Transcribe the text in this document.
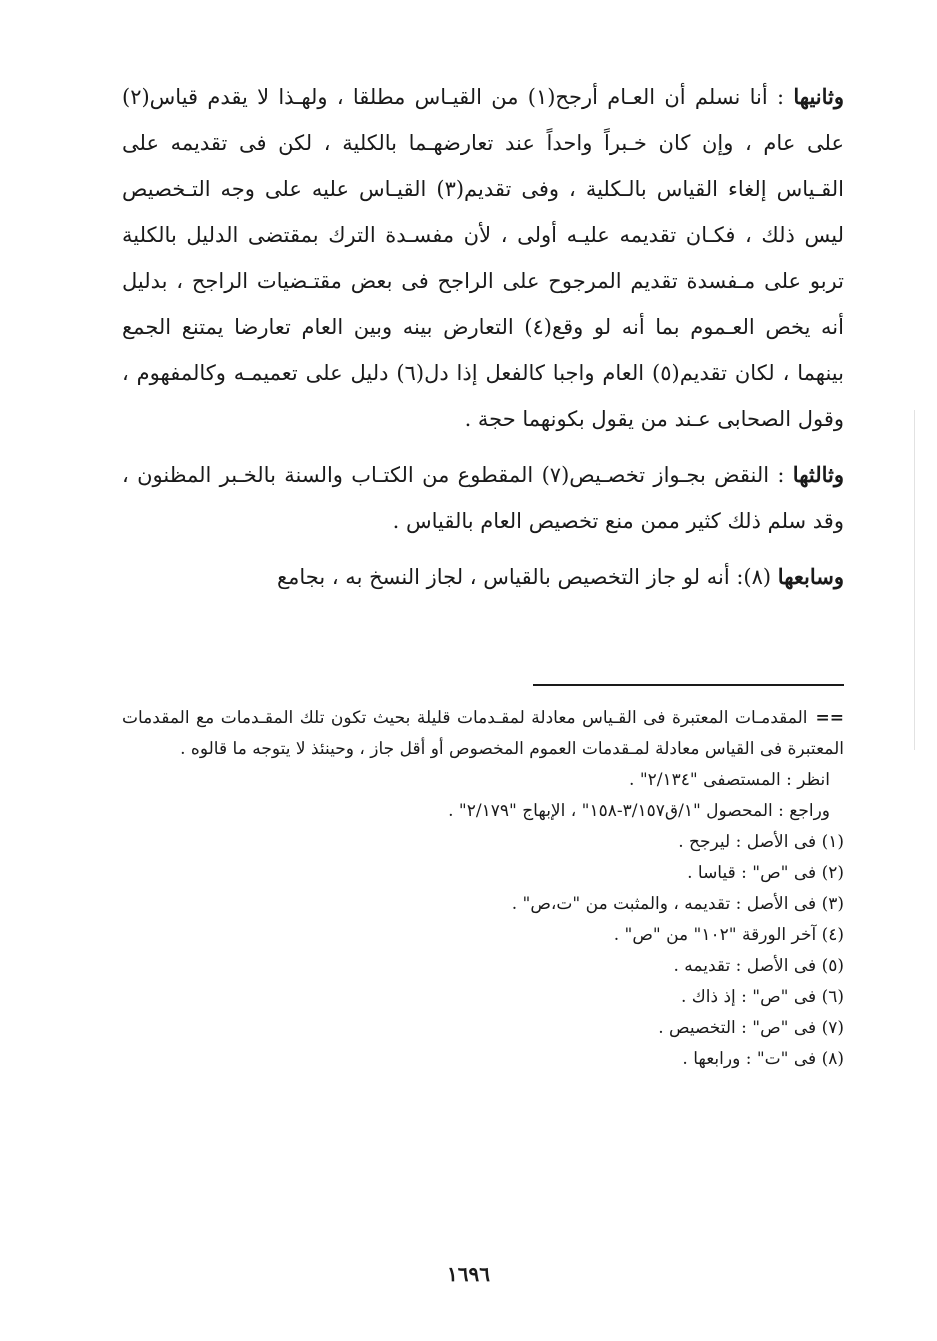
وثانيها : أنا نسلم أن العـام أرجح(١) من القيـاس مطلقا ، ولهـذا لا يقدم قياس(٢) على عام ، وإن كان خـبراً واحداً عند تعارضهـما بالكلية ، لكن فى تقديمه على القـياس إلغاء القياس بالـكلية ، وفى تقديم(٣) القيـاس عليه على وجه التـخصيص ليس ذلك ، فكـان تقديمه عليـه أولى ، لأن مفسـدة الترك بمقتضى الدليل بالكلية تربو على مـفسدة تقديم المرجوح على الراجح فى بعض مقتـضيات الراجح ، بدليل أنه يخص العـموم بما أنه لو وقع(٤) التعارض بينه وبين العام تعارضا يمتنع الجمع بينهما ، لكان تقديم(٥) العام واجبا كالفعل إذا دل(٦) دليل على تعميمـه وكالمفهوم ، وقول الصحابى عـند من يقول بكونهما حجة .

وثالثها : النقض بجـواز تخصـيص(٧) المقطوع من الكتـاب والسنة بالخـبر المظنون ، وقد سلم ذلك كثير ممن منع تخصيص العام بالقياس .

وسابعها (٨): أنه لو جاز التخصيص بالقياس ، لجاز النسخ به ، بجامع

==المقدمـات المعتبرة فى القـياس معادلة لمقـدمات قليلة بحيث تكون تلك المقـدمات مع المقدمات المعتبرة فى القياس معادلة لمـقدمات العموم المخصوص أو أقل جاز ، وحينئذ لا يتوجه ما قالوه .
انظر : المستصفى "٢/١٣٤" .
وراجع : المحصول "١/ق٣/١٥٧-١٥٨" ، الإبهاج "٢/١٧٩" .
(١) فى الأصل : ليرجح .
(٢) فى "ص" : قياسا .
(٣) فى الأصل : تقديمه ، والمثبت من "ت،ص" .
(٤) آخر الورقة "١٠٢" من "ص" .
(٥) فى الأصل : تقديمه .
(٦) فى "ص" : إذ ذاك .
(٧) فى "ص" : التخصيص .
(٨) فى "ت" : ورابعها .
١٦٩٦
